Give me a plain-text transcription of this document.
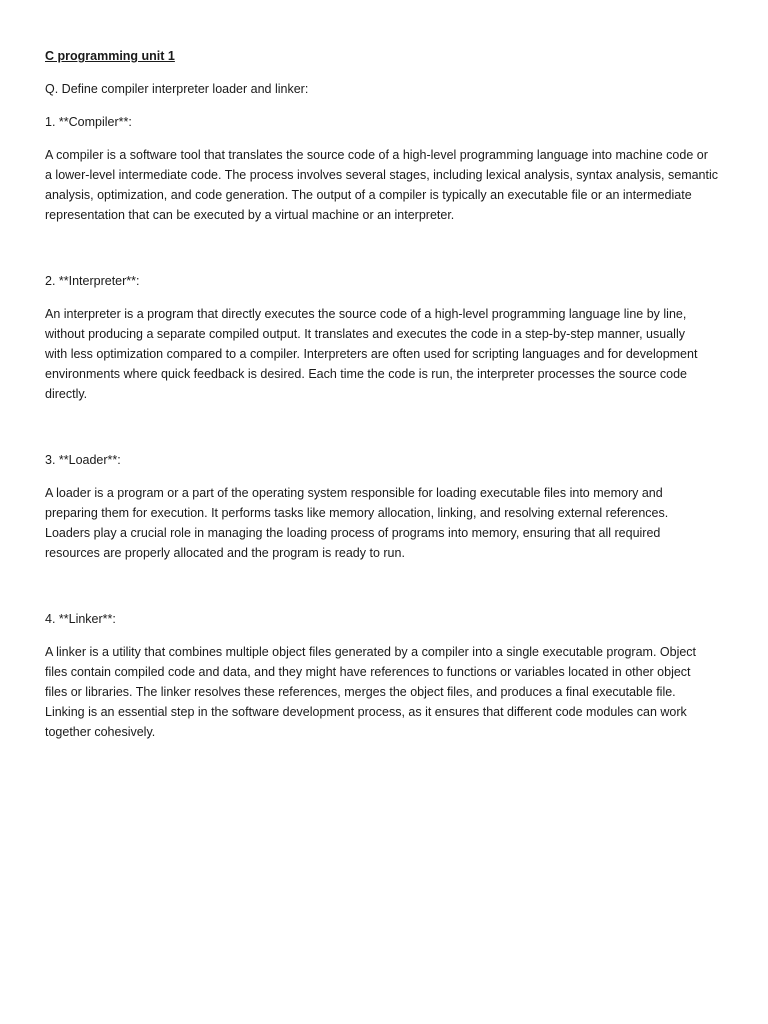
C programming unit 1
Q. Define compiler interpreter loader and linker:
1. **Compiler**:
A compiler is a software tool that translates the source code of a high-level programming language into machine code or
a lower-level intermediate code. The process involves several stages, including lexical analysis, syntax analysis, semantic
analysis, optimization, and code generation. The output of a compiler is typically an executable file or an intermediate
representation that can be executed by a virtual machine or an interpreter.
2. **Interpreter**:
An interpreter is a program that directly executes the source code of a high-level programming language line by line,
without producing a separate compiled output. It translates and executes the code in a step-by-step manner, usually
with less optimization compared to a compiler. Interpreters are often used for scripting languages and for development
environments where quick feedback is desired. Each time the code is run, the interpreter processes the source code
directly.
3. **Loader**:
A loader is a program or a part of the operating system responsible for loading executable files into memory and
preparing them for execution. It performs tasks like memory allocation, linking, and resolving external references.
Loaders play a crucial role in managing the loading process of programs into memory, ensuring that all required
resources are properly allocated and the program is ready to run.
4. **Linker**:
A linker is a utility that combines multiple object files generated by a compiler into a single executable program. Object
files contain compiled code and data, and they might have references to functions or variables located in other object
files or libraries. The linker resolves these references, merges the object files, and produces a final executable file.
Linking is an essential step in the software development process, as it ensures that different code modules can work
together cohesively.
